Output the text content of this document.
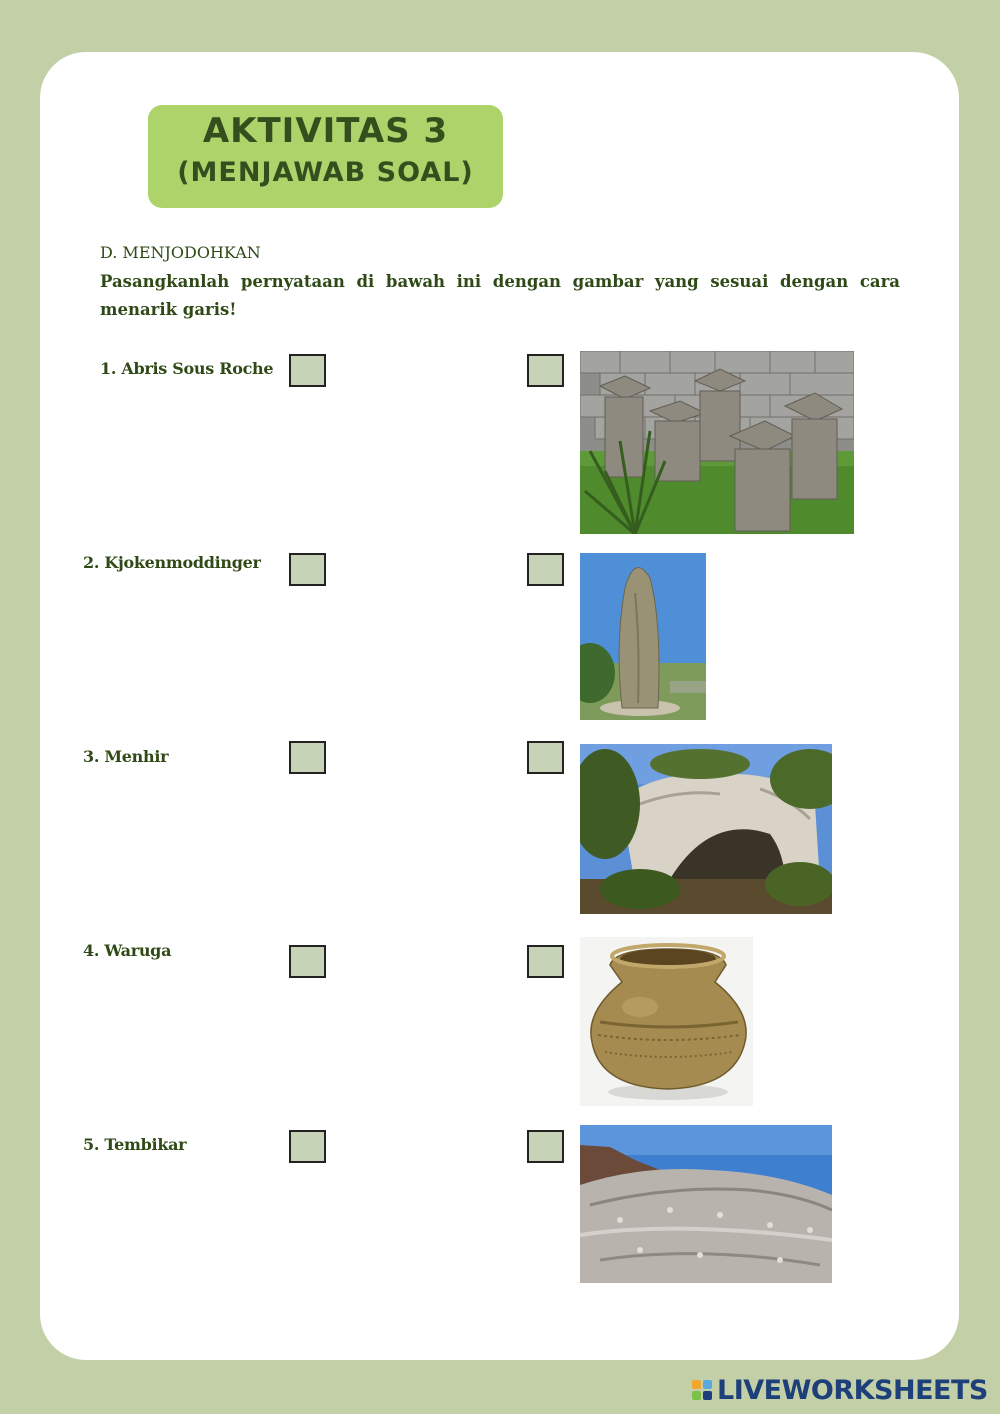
AKTIVITAS 3
(MENJAWAB SOAL)
D. MENJODOHKAN
Pasangkanlah pernyataan di bawah ini dengan gambar yang sesuai dengan cara menarik garis!
1. Abris Sous Roche
2. Kjokenmoddinger
3. Menhir
4. Waruga
5. Tembikar
LIVEWORKSHEETS
